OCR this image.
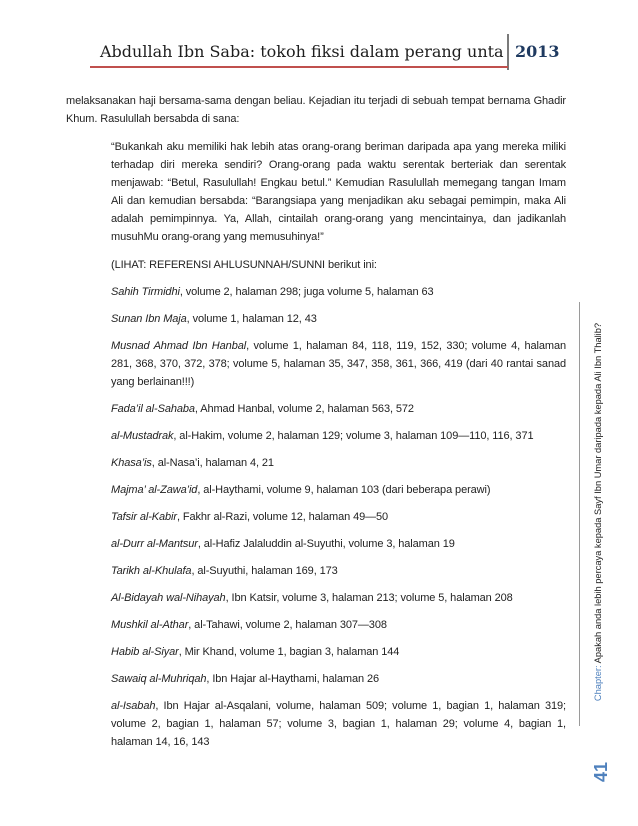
Abdullah Ibn Saba: tokoh fiksi dalam perang unta 2013
Chapter: Apakah anda lebih percaya kepada Sayf Ibn Umar daripada kepada Ali Ibn Thalib?
41

melaksanakan haji bersama-sama dengan beliau. Kejadian itu terjadi di sebuah tempat bernama Ghadir Khum. Rasulullah bersabda di sana:

“Bukankah aku memiliki hak lebih atas orang-orang beriman daripada apa yang mereka miliki terhadap diri mereka sendiri? Orang-orang pada waktu serentak berteriak dan serentak menjawab: “Betul, Rasulullah! Engkau betul.” Kemudian Rasulullah memegang tangan Imam Ali dan kemudian bersabda: “Barangsiapa yang menjadikan aku sebagai pemimpin, maka Ali adalah pemimpinnya. Ya, Allah, cintailah orang-orang yang mencintainya, dan jadikanlah musuhMu orang-orang yang memusuhinya!”

(LIHAT: REFERENSI AHLUSUNNAH/SUNNI berikut ini:

Sahih Tirmidhi, volume 2, halaman 298; juga volume 5, halaman 63

Sunan Ibn Maja, volume 1, halaman 12, 43

Musnad Ahmad Ibn Hanbal, volume 1, halaman 84, 118, 119, 152, 330; volume 4, halaman 281, 368, 370, 372, 378; volume 5, halaman 35, 347, 358, 361, 366, 419 (dari 40 rantai sanad yang berlainan!!!)

Fada’il al-Sahaba, Ahmad Hanbal, volume 2, halaman 563, 572

al-Mustadrak, al-Hakim, volume 2, halaman 129; volume 3, halaman 109—110, 116, 371

Khasa’is, al-Nasa’i, halaman 4, 21

Majma’ al-Zawa’id, al-Haythami, volume 9, halaman 103 (dari beberapa perawi)

Tafsir al-Kabir, Fakhr al-Razi, volume 12, halaman 49—50

al-Durr al-Mantsur, al-Hafiz Jalaluddin al-Suyuthi, volume 3, halaman 19

Tarikh al-Khulafa, al-Suyuthi, halaman 169, 173

Al-Bidayah wal-Nihayah, Ibn Katsir, volume 3, halaman 213; volume 5, halaman 208

Mushkil al-Athar, al-Tahawi, volume 2, halaman 307—308

Habib al-Siyar, Mir Khand, volume 1, bagian 3, halaman 144

Sawaiq al-Muhriqah, Ibn Hajar al-Haythami, halaman 26

al-Isabah, Ibn Hajar al-Asqalani, volume, halaman 509; volume 1, bagian 1, halaman 319; volume 2, bagian 1, halaman 57; volume 3, bagian 1, halaman 29; volume 4, bagian 1, halaman 14, 16, 143
